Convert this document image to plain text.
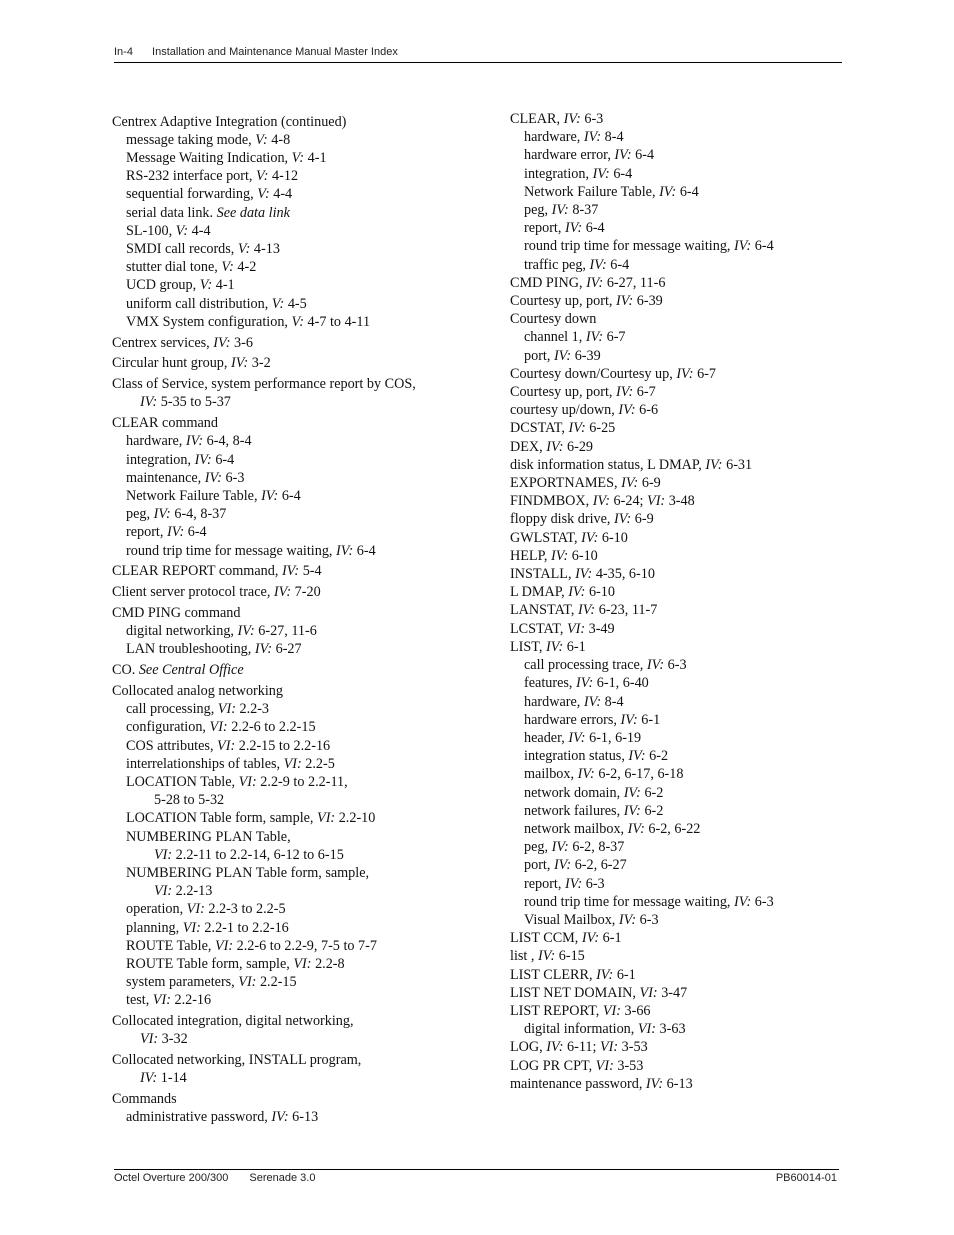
In-4 Installation and Maintenance Manual Master Index
Centrex Adaptive Integration (continued)
message taking mode, V: 4-8
Message Waiting Indication, V: 4-1
RS-232 interface port, V: 4-12
sequential forwarding, V: 4-4
serial data link. See data link
SL-100, V: 4-4
SMDI call records, V: 4-13
stutter dial tone, V: 4-2
UCD group, V: 4-1
uniform call distribution, V: 4-5
VMX System configuration, V: 4-7 to 4-11
Centrex services, IV: 3-6
Circular hunt group, IV: 3-2
Class of Service, system performance report by COS,
IV: 5-35 to 5-37
CLEAR command
hardware, IV: 6-4, 8-4
integration, IV: 6-4
maintenance, IV: 6-3
Network Failure Table, IV: 6-4
peg, IV: 6-4, 8-37
report, IV: 6-4
round trip time for message waiting, IV: 6-4
CLEAR REPORT command, IV: 5-4
Client server protocol trace, IV: 7-20
CMD PING command
digital networking, IV: 6-27, 11-6
LAN troubleshooting, IV: 6-27
CO. See Central Office
Collocated analog networking
call processing, VI: 2.2-3
configuration, VI: 2.2-6 to 2.2-15
COS attributes, VI: 2.2-15 to 2.2-16
interrelationships of tables, VI: 2.2-5
LOCATION Table, VI: 2.2-9 to 2.2-11,
5-28 to 5-32
LOCATION Table form, sample, VI: 2.2-10
NUMBERING PLAN Table,
VI: 2.2-11 to 2.2-14, 6-12 to 6-15
NUMBERING PLAN Table form, sample,
VI: 2.2-13
operation, VI: 2.2-3 to 2.2-5
planning, VI: 2.2-1 to 2.2-16
ROUTE Table, VI: 2.2-6 to 2.2-9, 7-5 to 7-7
ROUTE Table form, sample, VI: 2.2-8
system parameters, VI: 2.2-15
test, VI: 2.2-16
Collocated integration, digital networking,
VI: 3-32
Collocated networking, INSTALL program,
IV: 1-14
Commands
administrative password, IV: 6-13
CLEAR, IV: 6-3
hardware, IV: 8-4
hardware error, IV: 6-4
integration, IV: 6-4
Network Failure Table, IV: 6-4
peg, IV: 8-37
report, IV: 6-4
round trip time for message waiting, IV: 6-4
traffic peg, IV: 6-4
CMD PING, IV: 6-27, 11-6
Courtesy up, port, IV: 6-39
Courtesy down
channel 1, IV: 6-7
port, IV: 6-39
Courtesy down/Courtesy up, IV: 6-7
Courtesy up, port, IV: 6-7
courtesy up/down, IV: 6-6
DCSTAT, IV: 6-25
DEX, IV: 6-29
disk information status, L DMAP, IV: 6-31
EXPORTNAMES, IV: 6-9
FINDMBOX, IV: 6-24; VI: 3-48
floppy disk drive, IV: 6-9
GWLSTAT, IV: 6-10
HELP, IV: 6-10
INSTALL, IV: 4-35, 6-10
L DMAP, IV: 6-10
LANSTAT, IV: 6-23, 11-7
LCSTAT, VI: 3-49
LIST, IV: 6-1
call processing trace, IV: 6-3
features, IV: 6-1, 6-40
hardware, IV: 8-4
hardware errors, IV: 6-1
header, IV: 6-1, 6-19
integration status, IV: 6-2
mailbox, IV: 6-2, 6-17, 6-18
network domain, IV: 6-2
network failures, IV: 6-2
network mailbox, IV: 6-2, 6-22
peg, IV: 6-2, 8-37
port, IV: 6-2, 6-27
report, IV: 6-3
round trip time for message waiting, IV: 6-3
Visual Mailbox, IV: 6-3
LIST CCM, IV: 6-1
list , IV: 6-15
LIST CLERR, IV: 6-1
LIST NET DOMAIN, VI: 3-47
LIST REPORT, VI: 3-66
digital information, VI: 3-63
LOG, IV: 6-11; VI: 3-53
LOG PR CPT, VI: 3-53
maintenance password, IV: 6-13
Octel Overture 200/300 Serenade 3.0	PB60014-01
